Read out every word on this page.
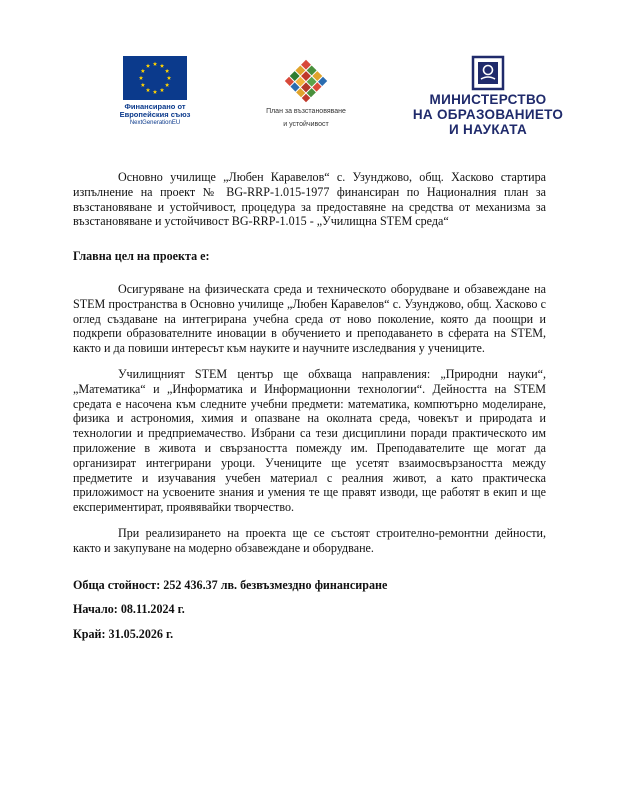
Финансирано от
Европейския съюз
NextGenerationEU
План за възстановяване
и устойчивост
МИНИСТЕРСТВО
НА ОБРАЗОВАНИЕТО
И НАУКАТА

Основно училище „Любен Каравелов“ с. Узунджово, общ. Хасково стартира изпълнение на проект № BG-RRP-1.015-1977 финансиран по Националния план за възстановяване и устойчивост, процедура за предоставяне на средства от механизма за възстановяване и устойчивост BG-RRP-1.015 - „Училищна STEM среда“

Главна цел на проекта е:

Осигуряване на физическата среда и техническото оборудване и обзавеждане на STEM пространства в Основно училище „Любен Каравелов“ с. Узунджово, общ. Хасково с оглед създаване на интегрирана учебна среда от ново поколение, която да поощри и подкрепи образователните иновации в обучението и преподаването в сферата на STEM, както и да повиши интересът към науките и научните изследвания у учениците.

Училищният STEM център ще обхваща направления: „Природни науки“, „Математика“ и „Информатика и Информационни технологии“. Дейността на STEM средата е насочена към следните учебни предмети: математика, компютърно моделиране, физика и астрономия, химия и опазване на околната среда, човекът и природата и технологии и предприемачество. Избрани са тези дисциплини поради практическото им приложение в живота и свързаността помежду им. Преподавателите ще могат да организират интегрирани уроци. Учениците ще усетят взаимосвързаността между предметите и изучавания учебен материал с реалния живот, а като практическа приложимост на усвоените знания и умения те ще правят изводи, ще работят в екип и ще експериментират, проявявайки творчество.

При реализирането на проекта ще се състоят строително-ремонтни дейности, както и закупуване на модерно обзавеждане и оборудване.

Обща стойност: 252 436.37 лв. безвъзмездно финансиране
Начало: 08.11.2024 г.
Край: 31.05.2026 г.
